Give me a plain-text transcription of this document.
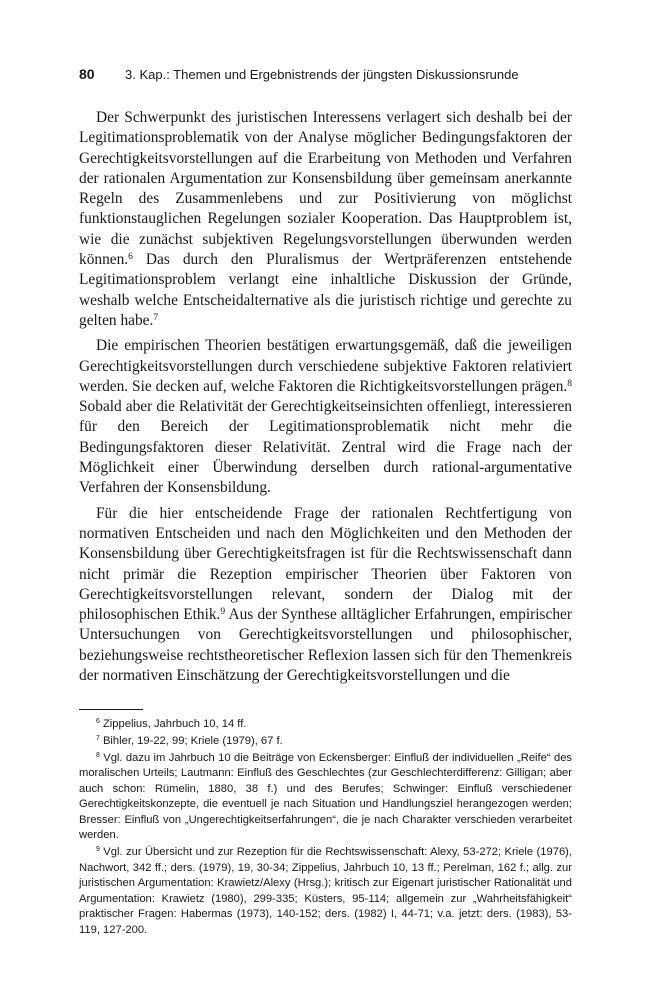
80	3. Kap.: Themen und Ergebnistrends der jüngsten Diskussionsrunde

Der Schwerpunkt des juristischen Interessens verlagert sich deshalb bei der Legitimationsproblematik von der Analyse möglicher Bedingungsfaktoren der Gerechtigkeitsvorstellungen auf die Erarbeitung von Methoden und Verfahren der rationalen Argumentation zur Konsensbildung über gemeinsam anerkannte Regeln des Zusammenlebens und zur Positivierung von möglichst funktionstauglichen Regelungen sozialer Kooperation. Das Hauptproblem ist, wie die zunächst subjektiven Regelungsvorstellungen überwunden werden können.$^6$ Das durch den Pluralismus der Wertpräferenzen entstehende Legitimationsproblem verlangt eine inhaltliche Diskussion der Gründe, weshalb welche Entscheidalternative als die juristisch richtige und gerechte zu gelten habe.$^7$

Die empirischen Theorien bestätigen erwartungsgemäß, daß die jeweiligen Gerechtigkeitsvorstellungen durch verschiedene subjektive Faktoren relativiert werden. Sie decken auf, welche Faktoren die Richtigkeitsvorstellungen prägen.$^8$ Sobald aber die Relativität der Gerechtigkeitseinsichten offenliegt, interessieren für den Bereich der Legitimationsproblematik nicht mehr die Bedingungsfaktoren dieser Relativität. Zentral wird die Frage nach der Möglichkeit einer Überwindung derselben durch rational-argumentative Verfahren der Konsensbildung.

Für die hier entscheidende Frage der rationalen Rechtfertigung von normativen Entscheiden und nach den Möglichkeiten und den Methoden der Konsensbildung über Gerechtigkeitsfragen ist für die Rechtswissenschaft dann nicht primär die Rezeption empirischer Theorien über Faktoren von Gerechtigkeitsvorstellungen relevant, sondern der Dialog mit der philosophischen Ethik.$^9$ Aus der Synthese alltäglicher Erfahrungen, empirischer Untersuchungen von Gerechtigkeitsvorstellungen und philosophischer, beziehungsweise rechtstheoretischer Reflexion lassen sich für den Themenkreis der normativen Einschätzung der Gerechtigkeitsvorstellungen und die

$^6$ Zippelius, Jahrbuch 10, 14 ff.

$^7$ Bihler, 19-22, 99; Kriele (1979), 67 f.

$^8$ Vgl. dazu im Jahrbuch 10 die Beiträge von Eckensberger: Einfluß der individuellen „Reife“ des moralischen Urteils; Lautmann: Einfluß des Geschlechtes (zur Geschlechterdifferenz: Gilligan; aber auch schon: Rümelin, 1880, 38 f.) und des Berufes; Schwinger: Einfluß verschiedener Gerechtigkeitskonzepte, die eventuell je nach Situation und Handlungsziel herangezogen werden; Bresser: Einfluß von „Ungerechtigkeitserfahrungen“, die je nach Charakter verschieden verarbeitet werden.

$^9$ Vgl. zur Übersicht und zur Rezeption für die Rechtswissenschaft: Alexy, 53-272; Kriele (1976), Nachwort, 342 ff.; ders. (1979), 19, 30-34; Zippelius, Jahrbuch 10, 13 ff.; Perelman, 162 f.; allg. zur juristischen Argumentation: Krawietz/Alexy (Hrsg.); kritisch zur Eigenart juristischer Rationalität und Argumentation: Krawietz (1980), 299-335; Küsters, 95-114; allgemein zur „Wahrheitsfähigkeit“ praktischer Fragen: Habermas (1973), 140-152; ders. (1982) I, 44-71; v.a. jetzt: ders. (1983), 53-119, 127-200.
